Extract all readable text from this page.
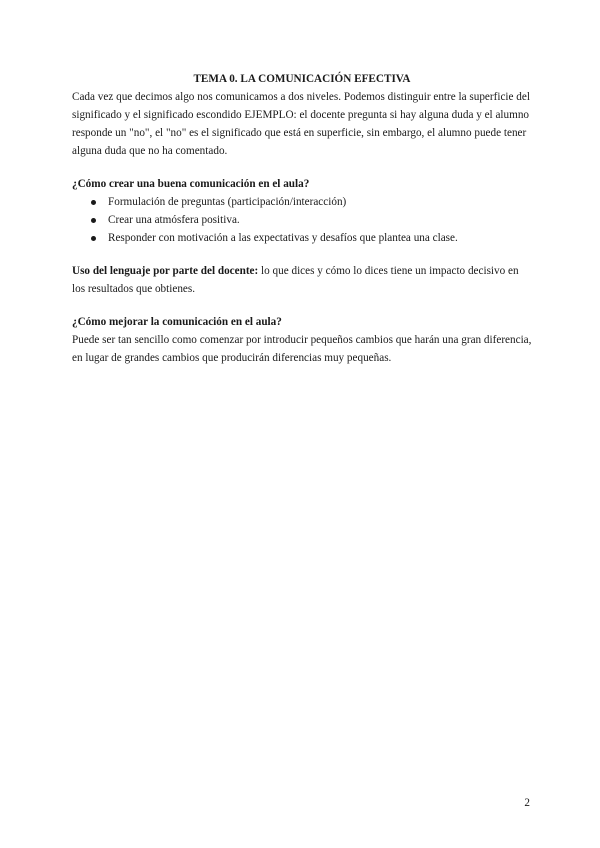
TEMA 0. LA COMUNICACIÓN EFECTIVA

Cada vez que decimos algo nos comunicamos a dos niveles. Podemos distinguir entre la superficie del significado y el significado escondido EJEMPLO: el docente pregunta si hay alguna duda y el alumno responde un "no", el "no" es el significado que está en superficie, sin embargo, el alumno puede tener alguna duda que no ha comentado.

¿Cómo crear una buena comunicación en el aula?
Formulación de preguntas (participación/interacción)
Crear una atmósfera positiva.
Responder con motivación a las expectativas y desafíos que plantea una clase.

Uso del lenguaje por parte del docente: lo que dices y cómo lo dices tiene un impacto decisivo en los resultados que obtienes.

¿Cómo mejorar la comunicación en el aula?

Puede ser tan sencillo como comenzar por introducir pequeños cambios que harán una gran diferencia, en lugar de grandes cambios que producirán diferencias muy pequeñas.

2
